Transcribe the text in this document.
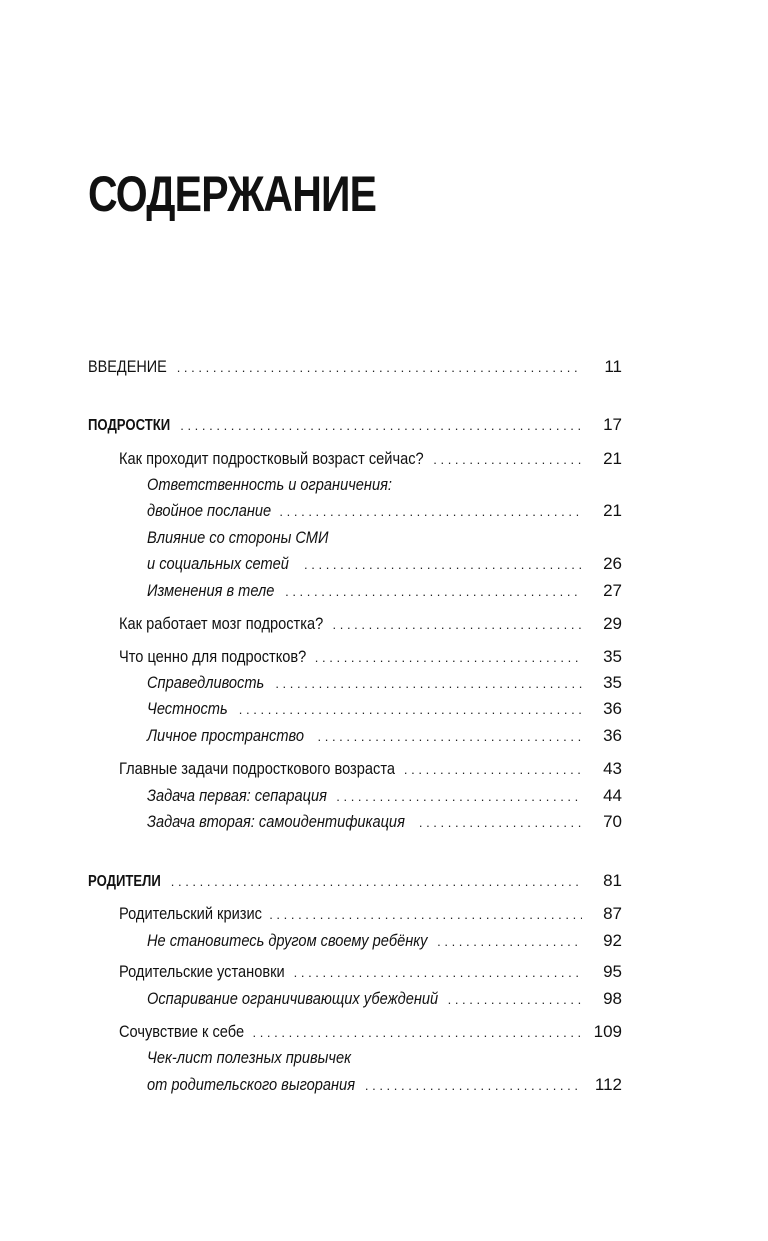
СОДЕРЖАНИЕ
ВВЕДЕНИЕ . . .	11
ПОДРОСТКИ . . .	17
Как проходит подростковый возраст сейчас? . . .	21
Ответственность и ограничения:
двойное послание . . .	21
Влияние со стороны СМИ
и социальных сетей . . .	26
Изменения в теле . . .	27
Как работает мозг подростка? . . .	29
Что ценно для подростков? . . .	35
Справедливость . . .	35
Честность . . .	36
Личное пространство . . .	36
Главные задачи подросткового возраста . . .	43
Задача первая: сепарация . . .	44
Задача вторая: самоидентификация . . .	70
РОДИТЕЛИ . . .	81
Родительский кризис . . .	87
Не становитесь другом своему ребёнку . . .	92
Родительские установки . . .	95
Оспаривание ограничивающих убеждений . . .	98
Сочувствие к себе . . .	109
Чек-лист полезных привычек
от родительского выгорания . . .	112
